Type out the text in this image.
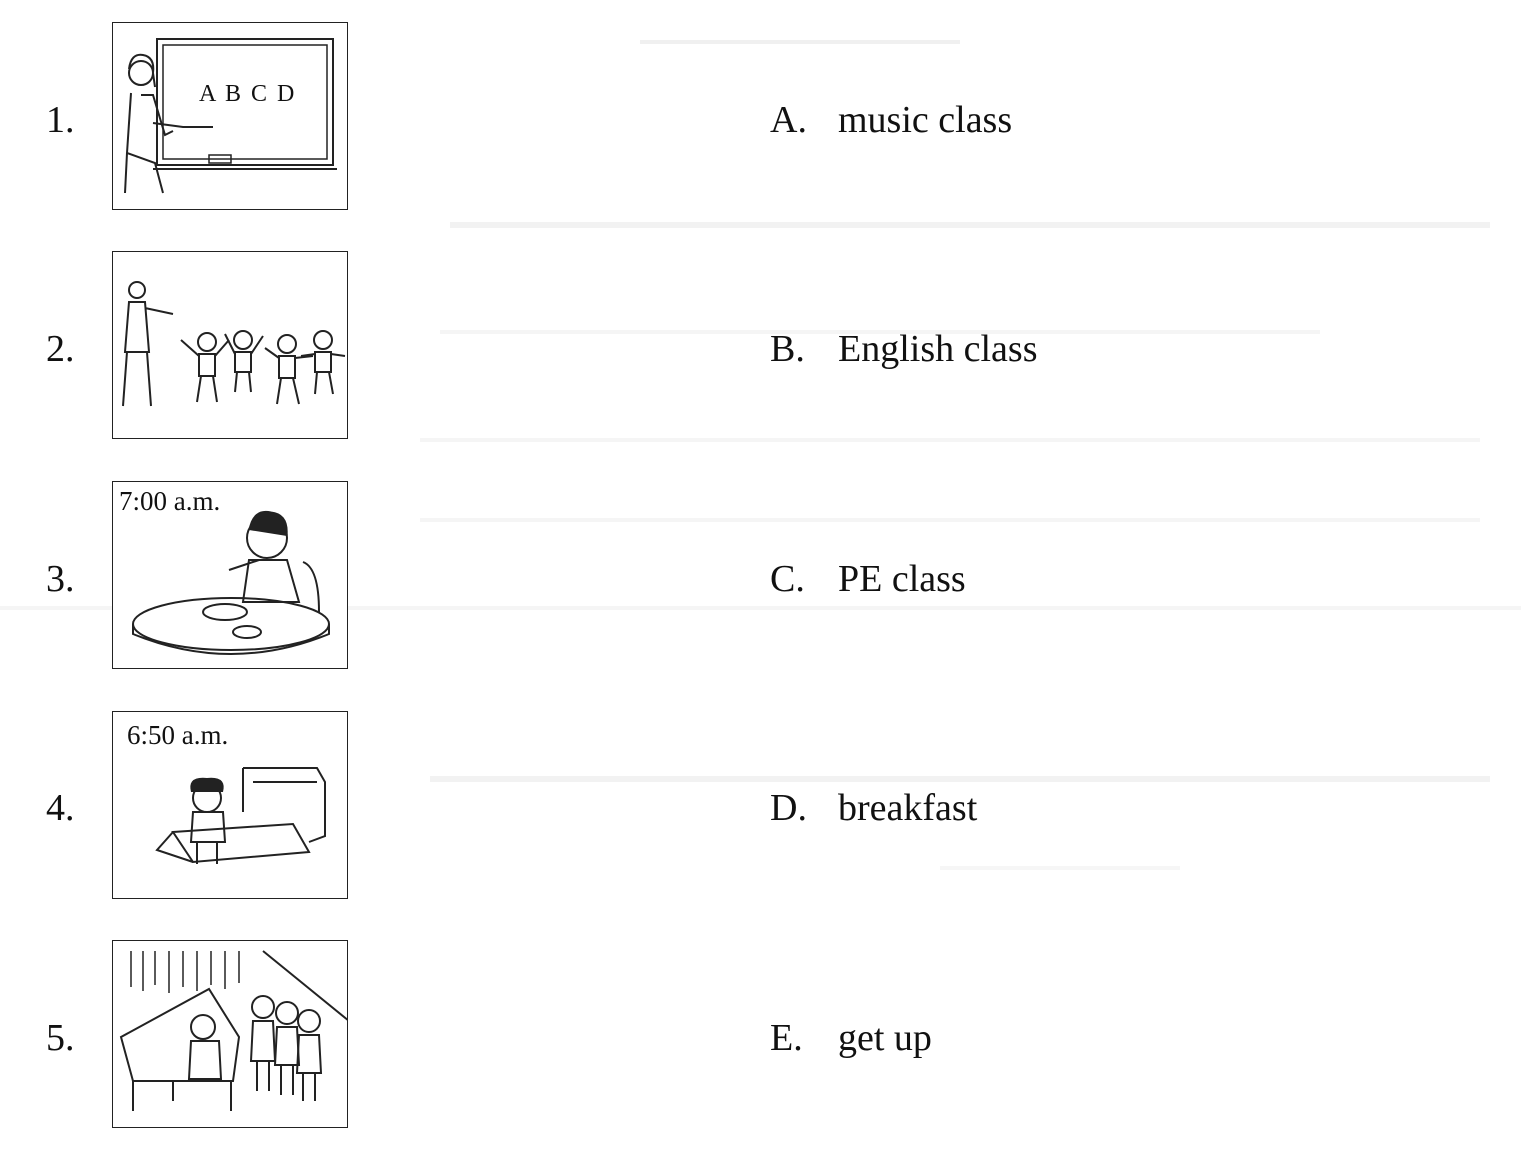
1.
A B C D
2.
3.
7:00 a.m.
4.
6:50 a.m.
5.
A. music class
B. English class
C. PE class
D. breakfast
E. get up
